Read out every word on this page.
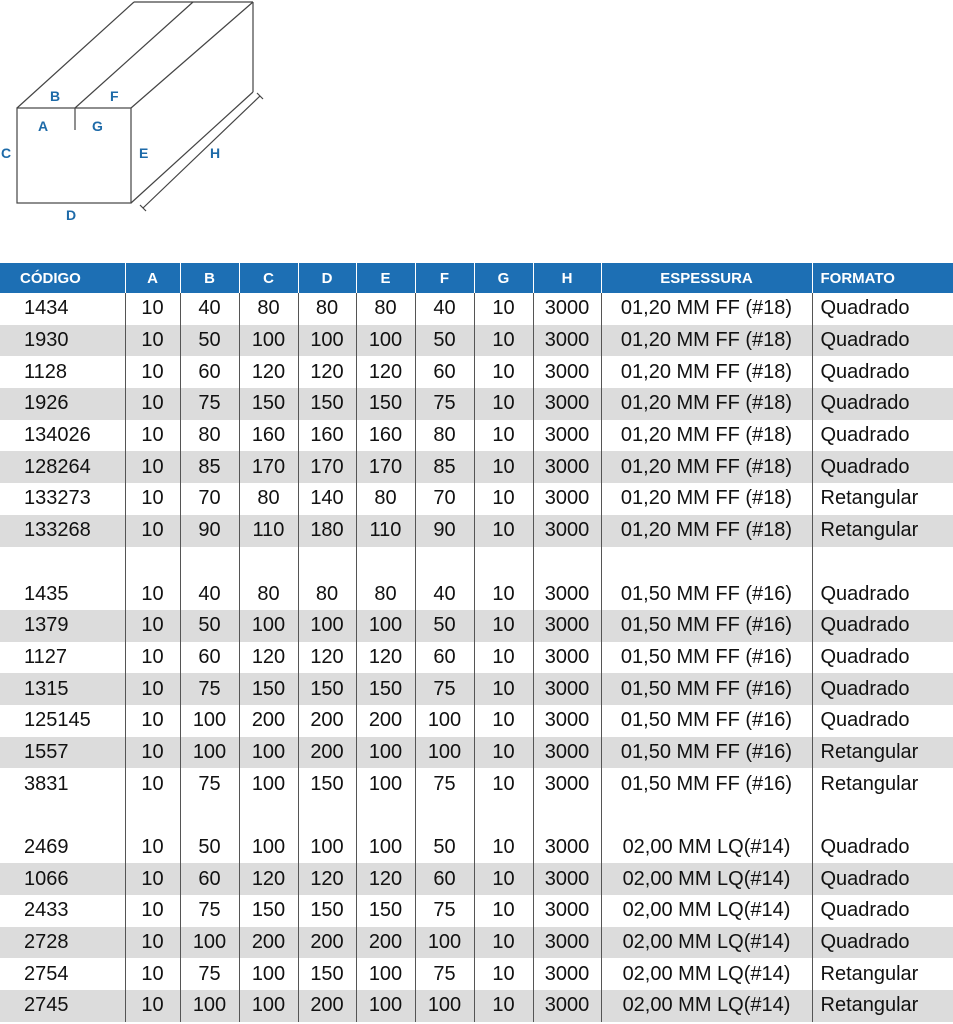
B	F
A	G
C	E	H
D
CÓDIGO	A	B	C	D	E	F	G	H	ESPESSURA	FORMATO
1434	10	40	80	80	80	40	10	3000	01,20 MM FF (#18)	Quadrado
1930	10	50	100	100	100	50	10	3000	01,20 MM FF (#18)	Quadrado
1128	10	60	120	120	120	60	10	3000	01,20 MM FF (#18)	Quadrado
1926	10	75	150	150	150	75	10	3000	01,20 MM FF (#18)	Quadrado
134026	10	80	160	160	160	80	10	3000	01,20 MM FF (#18)	Quadrado
128264	10	85	170	170	170	85	10	3000	01,20 MM FF (#18)	Quadrado
133273	10	70	80	140	80	70	10	3000	01,20 MM FF (#18)	Retangular
133268	10	90	110	180	110	90	10	3000	01,20 MM FF (#18)	Retangular

1435	10	40	80	80	80	40	10	3000	01,50 MM FF (#16)	Quadrado
1379	10	50	100	100	100	50	10	3000	01,50 MM FF (#16)	Quadrado
1127	10	60	120	120	120	60	10	3000	01,50 MM FF (#16)	Quadrado
1315	10	75	150	150	150	75	10	3000	01,50 MM FF (#16)	Quadrado
125145	10	100	200	200	200	100	10	3000	01,50 MM FF (#16)	Quadrado
1557	10	100	100	200	100	100	10	3000	01,50 MM FF (#16)	Retangular
3831	10	75	100	150	100	75	10	3000	01,50 MM FF (#16)	Retangular

2469	10	50	100	100	100	50	10	3000	02,00 MM LQ(#14)	Quadrado
1066	10	60	120	120	120	60	10	3000	02,00 MM LQ(#14)	Quadrado
2433	10	75	150	150	150	75	10	3000	02,00 MM LQ(#14)	Quadrado
2728	10	100	200	200	200	100	10	3000	02,00 MM LQ(#14)	Quadrado
2754	10	75	100	150	100	75	10	3000	02,00 MM LQ(#14)	Retangular
2745	10	100	100	200	100	100	10	3000	02,00 MM LQ(#14)	Retangular
